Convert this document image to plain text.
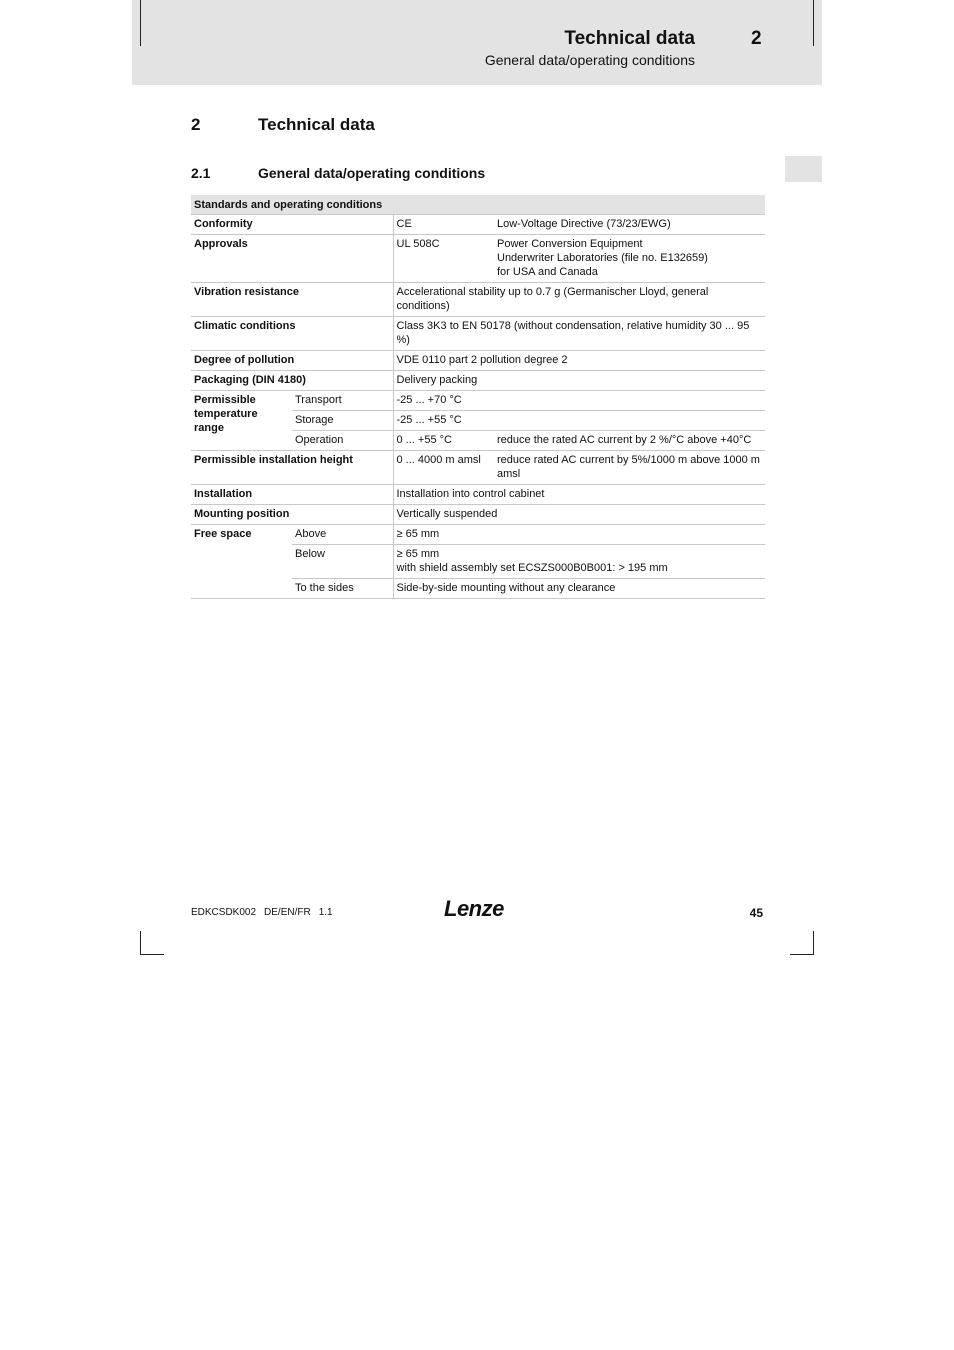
Technical data	2
General data/operating conditions
2	Technical data
2.1	General data/operating conditions
Standards and operating conditions			
Conformity		CE	Low-Voltage Directive (73/23/EWG)
Approvals		UL 508C	Power Conversion Equipment
Underwriter Laboratories (file no. E132659)
for USA and Canada

Vibration resistance		Accelerational stability up to 0.7 g (Germanischer Lloyd, general conditions)	
Climatic conditions		Class 3K3 to EN 50178 (without condensation, relative humidity 30 ... 95 %)	
Degree of pollution		VDE 0110 part 2 pollution degree 2	
Packaging (DIN 4180)		Delivery packing	
Permissible temperature range	Transport	-25 ... +70 °C	
	Storage	-25 ... +55 °C	
	Operation	0 ... +55 °C	reduce the rated AC current by 2 %/°C above +40°C
Permissible installation height		0 ... 4000 m amsl	reduce rated AC current by 5%/1000 m above 1000 m amsl
Installation		Installation into control cabinet	
Mounting position		Vertically suspended	
Free space	Above	≥ 65 mm	
	Below	≥ 65 mm
with shield assembly set ECSZS000B0B001: > 195 mm	

	To the sides	Side-by-side mounting without any clearance	
EDKCSDK002 DE/EN/FR 1.1	Lenze	45
